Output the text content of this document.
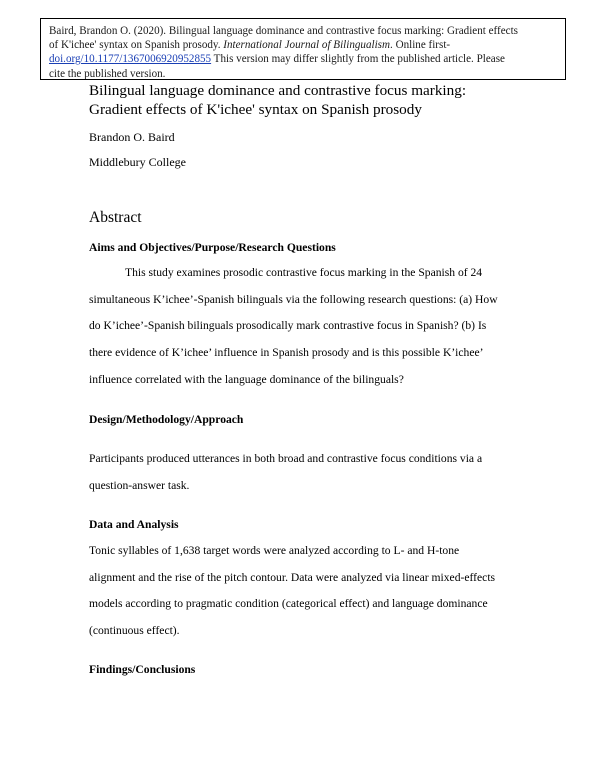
Baird, Brandon O. (2020). Bilingual language dominance and contrastive focus marking: Gradient effects
of K'ichee' syntax on Spanish prosody. International Journal of Bilingualism. Online first-
doi.org/10.1177/1367006920952855 This version may differ slightly from the published article. Please
cite the published version.
Bilingual language dominance and contrastive focus marking:
Gradient effects of K'ichee' syntax on Spanish prosody
Brandon O. Baird
Middlebury College
Abstract
Aims and Objectives/Purpose/Research Questions

This study examines prosodic contrastive focus marking in the Spanish of 24
simultaneous K’ichee’-Spanish bilinguals via the following research questions: (a) How
do K’ichee’-Spanish bilinguals prosodically mark contrastive focus in Spanish? (b) Is
there evidence of K’ichee’ influence in Spanish prosody and is this possible K’ichee’
influence correlated with the language dominance of the bilinguals?

Design/Methodology/Approach

Participants produced utterances in both broad and contrastive focus conditions via a
question-answer task.

Data and Analysis

Tonic syllables of 1,638 target words were analyzed according to L- and H-tone
alignment and the rise of the pitch contour. Data were analyzed via linear mixed-effects
models according to pragmatic condition (categorical effect) and language dominance
(continuous effect).

Findings/Conclusions
